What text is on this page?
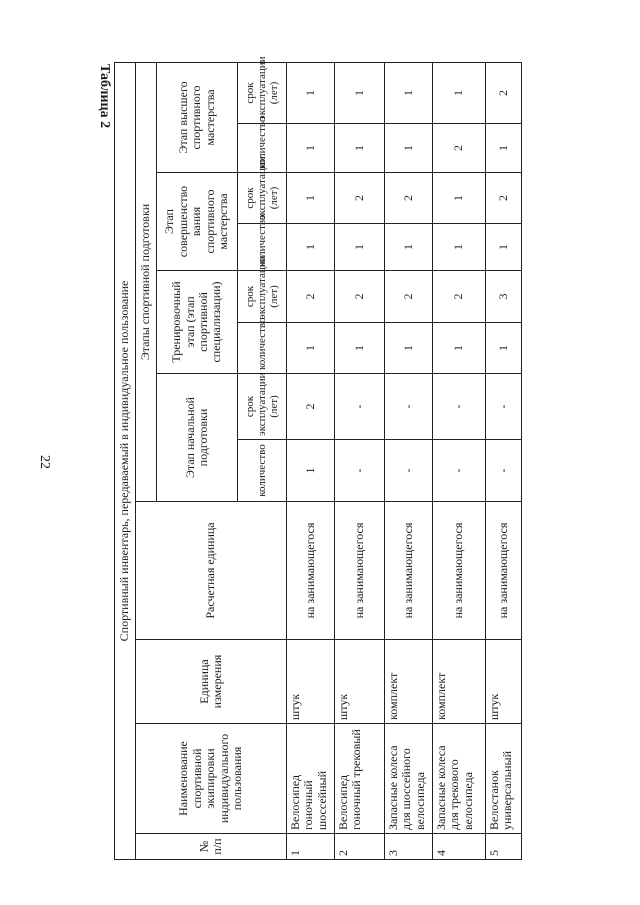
22
Таблица 2
Спортивный инвентарь, передаваемый в индивидуальное пользование											
№ п/п	Наименование спортивной экипировки индивидуального пользования	Единица измерения	Расчетная единица	Этапы спортивной подготовки							
				Этап начальной подготовки		Тренировочный этап (этап спортивной специализации)		Этап совершенство вания спортивного мастерства		Этап высшего спортивного мастерства	
				количество	срок эксплуатации (лет)	количество	срок эксплуатации (лет)	количество	срок эксплуатации (лет)	количество	срок эксплуатации (лет)
1	Велосипед гоночный шоссейный	штук	на занимающегося	1	2	1	2	1	1	1	1
2	Велосипед гоночный трековый	штук	на занимающегося	-	-	1	2	1	2	1	1
3	Запасные колеса для шоссейного велосипеда	комплект	на занимающегося	-	-	1	2	1	2	1	1
4	Запасные колеса для трекового велосипеда	комплект	на занимающегося	-	-	1	2	1	1	2	1
5	Велостанок универсальный	штук	на занимающегося	-	-	1	3	1	2	1	2
